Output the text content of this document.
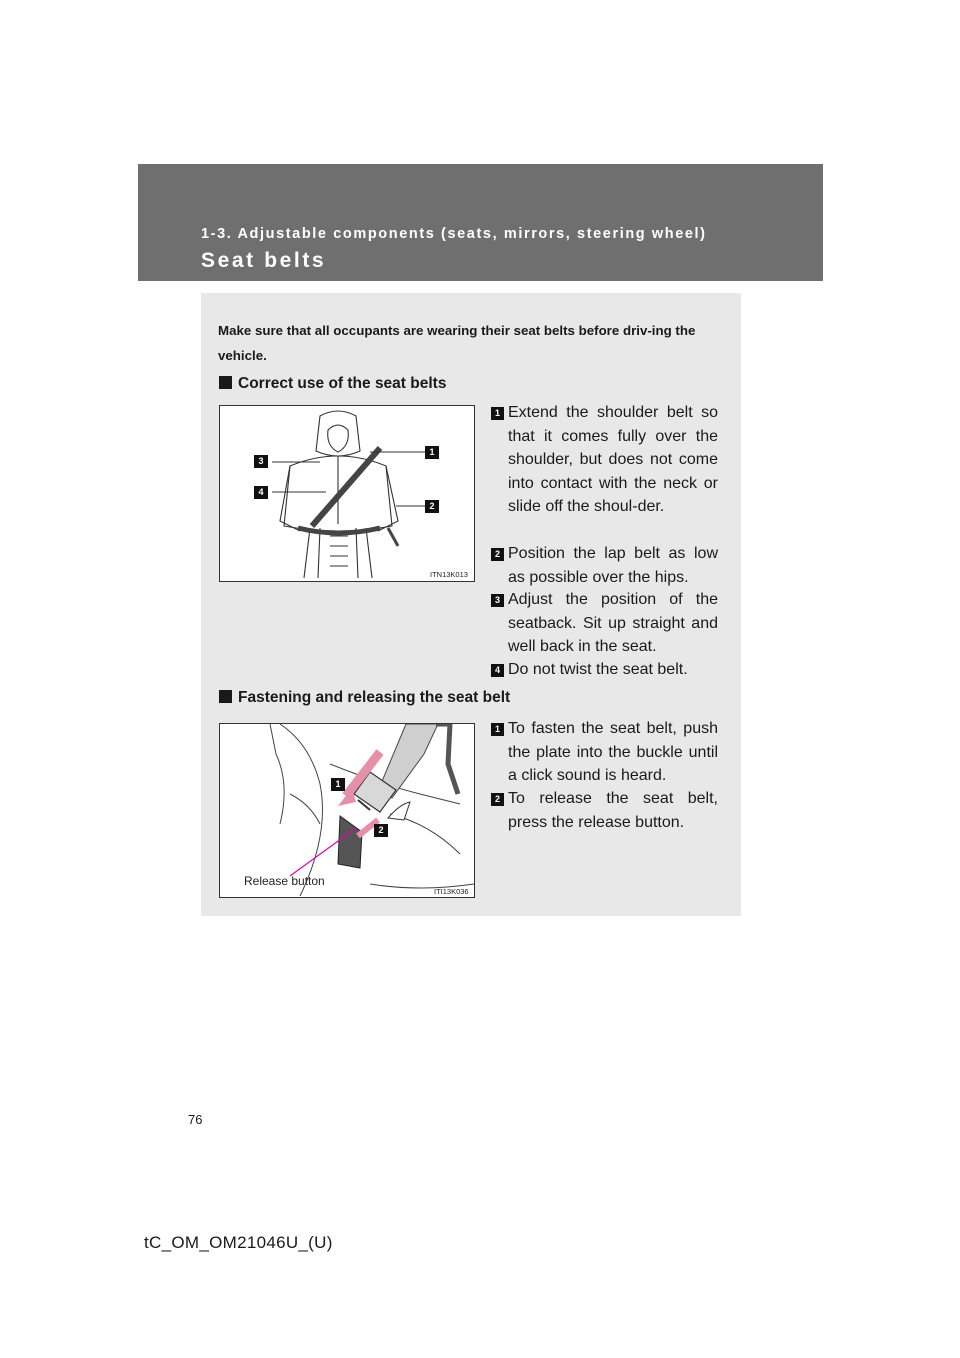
1-3. Adjustable components (seats, mirrors, steering wheel)
Seat belts
Make sure that all occupants are wearing their seat belts before driv-ing the vehicle.
Correct use of the seat belts
3
4
1
2
ITN13K013
1 Extend the shoulder belt so that it comes fully over the shoulder, but does not come into contact with the neck or slide off the shoul-der.
2 Position the lap belt as low as possible over the hips.
3 Adjust the position of the seatback. Sit up straight and well back in the seat.
4 Do not twist the seat belt.
Fastening and releasing the seat belt
1
2
ITI13K036
Release button
1 To fasten the seat belt, push the plate into the buckle until a click sound is heard.
2 To release the seat belt, press the release button.
76
tC_OM_OM21046U_(U)
